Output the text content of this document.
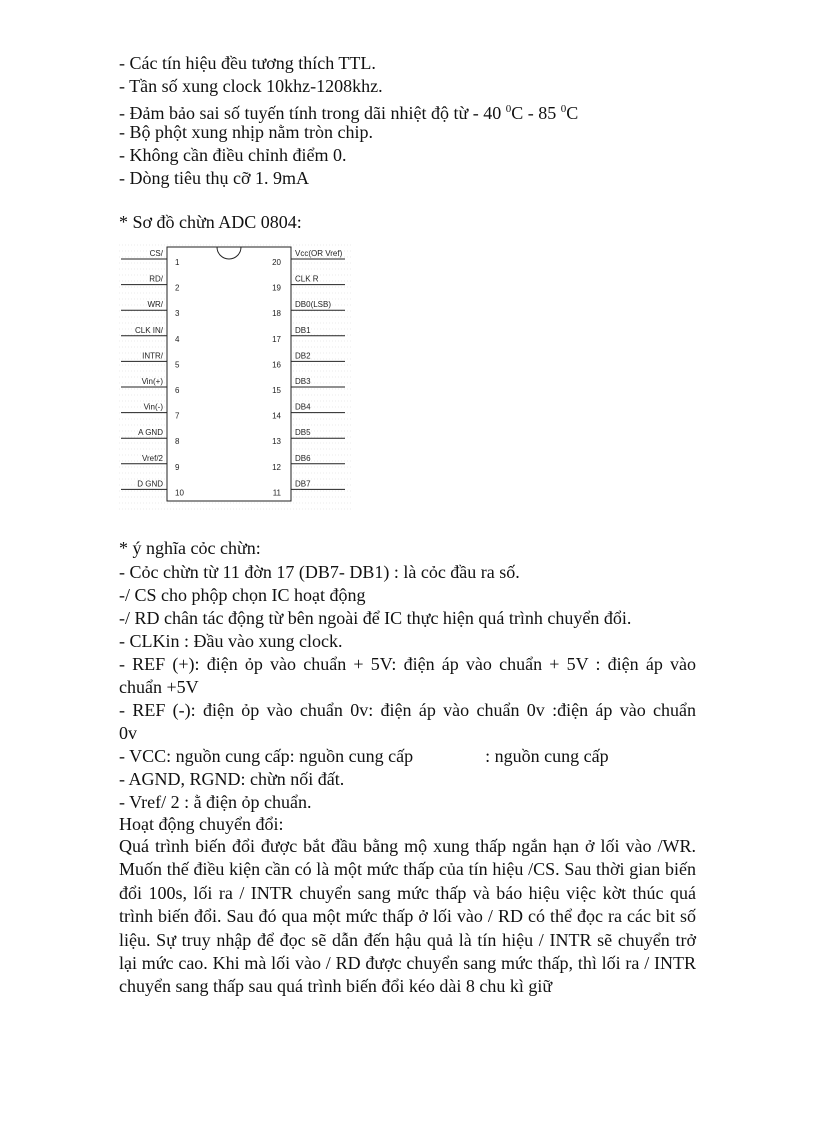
- Các tín hiệu đều tương thích TTL.

- Tần số xung clock 10khz-1208khz.

- Đảm bảo sai số tuyến tính trong dãi nhiệt độ từ - 40 $^0$C - 85 $^0$C

- Bộ phột xung nhịp nằm tròn chip.

- Không cần điều chỉnh điểm 0.

- Dòng tiêu thụ cỡ 1. 9mA

* Sơ đồ chừn ADC 0804:

CS/
1
RD/
2
WR/
3
CLK IN/
4
INTR/
5
Vin(+)
6
Vin(-)
7
A GND
8
Vref/2
9
D GND
10
Vcc(OR Vref)
20
CLK R
19
DB0(LSB)
18
DB1
17
DB2
16
DB3
15
DB4
14
DB5
13
DB6
12
DB7
11

* ý nghĩa cỏc chừn:

- Cỏc chừn từ 11 đờn 17 (DB7- DB1) : là cỏc đầu ra số.

-/ CS cho phộp chọn IC hoạt động

-/ RD chân tác động từ bên ngoài để IC thực hiện quá trình chuyển đổi.

- CLKin : Đầu vào xung clock.

- REF (+): điện ỏp vào chuẩn + 5V: điện áp vào chuẩn + 5V : điện áp vào

chuẩn +5V

- REF (-): điện ỏp vào chuẩn 0v: điện áp vào chuẩn 0v :điện áp vào chuẩn

0v

- VCC: nguồn cung cấp: nguồn cung cấp                : nguồn cung cấp

- AGND, RGND: chừn nối đất.

- Vref/ 2 : ằ điện ỏp chuẩn.

Hoạt động chuyển đổi:

Quá trình biến đổi được bắt đầu bằng mộ xung thấp ngắn hạn ở lối vào /WR. Muốn thế điều kiện cần có là một mức thấp của tín hiệu /CS. Sau thời gian biến đổi 100s, lối ra / INTR chuyển sang mức thấp và báo hiệu việc kờt thúc quá trình biến đổi. Sau đó qua một mức thấp ở lối vào / RD có thể đọc ra các bit số liệu. Sự truy nhập để đọc sẽ dẫn đến hậu quả là tín hiệu / INTR sẽ chuyển trở lại mức cao. Khi mà lối vào / RD được chuyển sang mức thấp, thì lối ra / INTR chuyển sang thấp sau quá trình biến đổi kéo dài 8 chu kì giữ
